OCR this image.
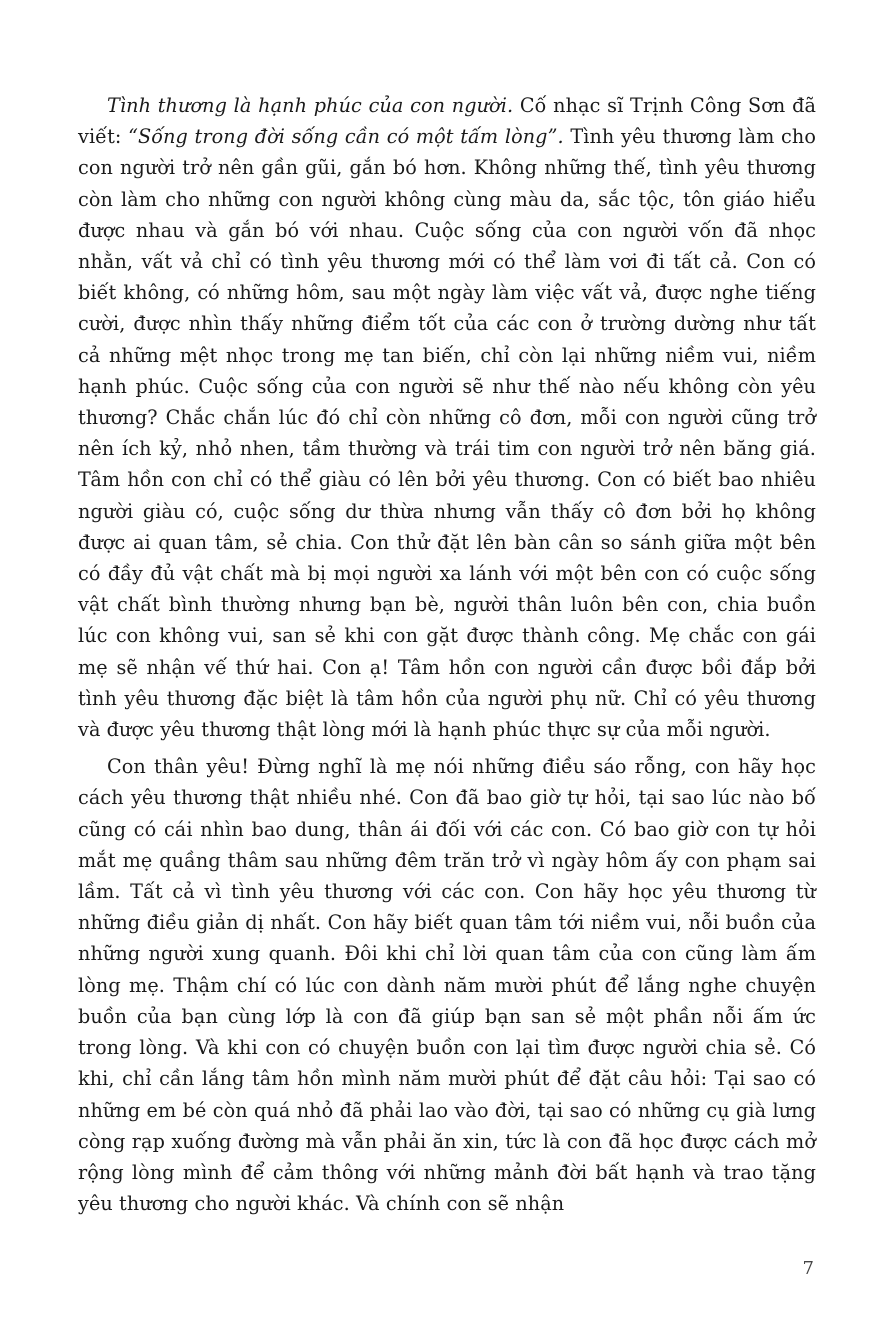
Tình thương là hạnh phúc của con người. Cố nhạc sĩ Trịnh Công Sơn đã viết: “Sống trong đời sống cần có một tấm lòng”. Tình yêu thương làm cho con người trở nên gần gũi, gắn bó hơn. Không những thế, tình yêu thương còn làm cho những con người không cùng màu da, sắc tộc, tôn giáo hiểu được nhau và gắn bó với nhau. Cuộc sống của con người vốn đã nhọc nhằn, vất vả chỉ có tình yêu thương mới có thể làm vơi đi tất cả. Con có biết không, có những hôm, sau một ngày làm việc vất vả, được nghe tiếng cười, được nhìn thấy những điểm tốt của các con ở trường dường như tất cả những mệt nhọc trong mẹ tan biến, chỉ còn lại những niềm vui, niềm hạnh phúc. Cuộc sống của con người sẽ như thế nào nếu không còn yêu thương? Chắc chắn lúc đó chỉ còn những cô đơn, mỗi con người cũng trở nên ích kỷ, nhỏ nhen, tầm thường và trái tim con người trở nên băng giá. Tâm hồn con chỉ có thể giàu có lên bởi yêu thương. Con có biết bao nhiêu người giàu có, cuộc sống dư thừa nhưng vẫn thấy cô đơn bởi họ không được ai quan tâm, sẻ chia. Con thử đặt lên bàn cân so sánh giữa một bên có đầy đủ vật chất mà bị mọi người xa lánh với một bên con có cuộc sống vật chất bình thường nhưng bạn bè, người thân luôn bên con, chia buồn lúc con không vui, san sẻ khi con gặt được thành công. Mẹ chắc con gái mẹ sẽ nhận vế thứ hai. Con ạ! Tâm hồn con người cần được bồi đắp bởi tình yêu thương đặc biệt là tâm hồn của người phụ nữ. Chỉ có yêu thương và được yêu thương thật lòng mới là hạnh phúc thực sự của mỗi người.

Con thân yêu! Đừng nghĩ là mẹ nói những điều sáo rỗng, con hãy học cách yêu thương thật nhiều nhé. Con đã bao giờ tự hỏi, tại sao lúc nào bố cũng có cái nhìn bao dung, thân ái đối với các con. Có bao giờ con tự hỏi mắt mẹ quầng thâm sau những đêm trăn trở vì ngày hôm ấy con phạm sai lầm. Tất cả vì tình yêu thương với các con. Con hãy học yêu thương từ những điều giản dị nhất. Con hãy biết quan tâm tới niềm vui, nỗi buồn của những người xung quanh. Đôi khi chỉ lời quan tâm của con cũng làm ấm lòng mẹ. Thậm chí có lúc con dành năm mười phút để lắng nghe chuyện buồn của bạn cùng lớp là con đã giúp bạn san sẻ một phần nỗi ấm ức trong lòng. Và khi con có chuyện buồn con lại tìm được người chia sẻ. Có khi, chỉ cần lắng tâm hồn mình năm mười phút để đặt câu hỏi: Tại sao có những em bé còn quá nhỏ đã phải lao vào đời, tại sao có những cụ già lưng còng rạp xuống đường mà vẫn phải ăn xin, tức là con đã học được cách mở rộng lòng mình để cảm thông với những mảnh đời bất hạnh và trao tặng yêu thương cho người khác. Và chính con sẽ nhận

7
